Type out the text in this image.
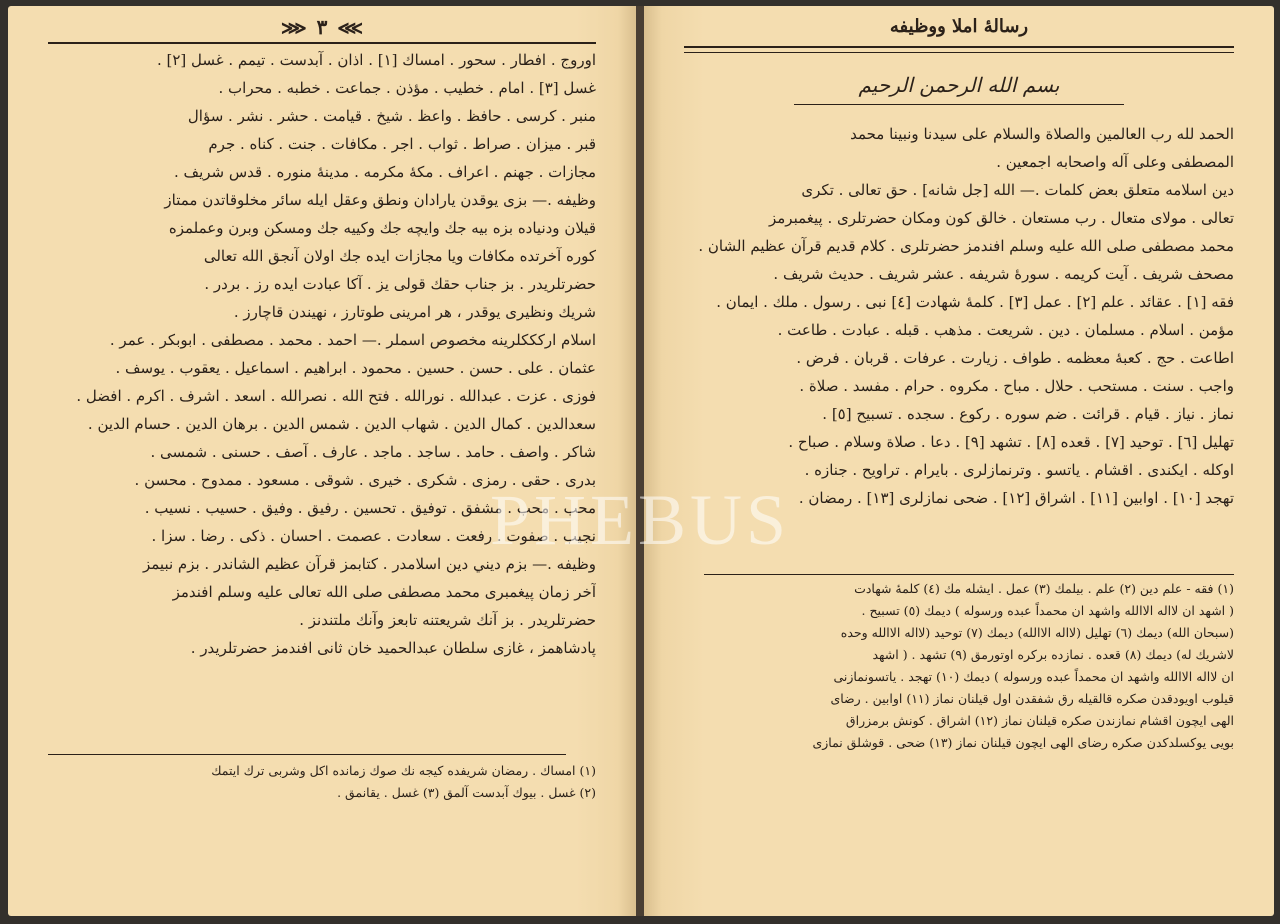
⋙٣⋘
اوروج . افطار . سحور . امساك [١] . اذان . آبدست . تيمم . غسل [٢] .
غسل [٣] . امام . خطيب . مؤذن . جماعت . خطبه . محراب .
منبر . كرسى . حافظ . واعظ . شيخ . قيامت . حشر . نشر . سؤال
قبر . ميزان . صراط . ثواب . اجر . مكافات . جنت . كناه . جرم
مجازات . جهنم . اعراف . مكهٔ مكرمه . مدينهٔ منوره . قدس شريف .
وظيفه .— بزى يوقدن يارادان ونطق وعقل ايله سائر مخلوقاتدن ممتاز
قيلان ودنياده بزه بيه جك وايچه جك وكييه جك ومسكن وبرن وعملمزه
كوره آخرتده مكافات ويا مجازات ايده جك اولان آنجق الله تعالى
حضرتلريدر . بز جناب حقك قولى يز . آكا عبادت ايده رز . بردر .
شريك ونظيرى يوقدر ، هر امرينى طوتارز ، نهيندن قاچارز .
اسلام اركككلرينه مخصوص اسملر .— احمد . محمد . مصطفى . ابوبكر . عمر .
عثمان . على . حسن . حسين . محمود . ابراهيم . اسماعيل . يعقوب . يوسف .
فوزى . عزت . عبدالله . نورالله . فتح الله . نصرالله . اسعد . اشرف . اكرم . افضل .
سعدالدين . كمال الدين . شهاب الدين . شمس الدين . برهان الدين . حسام الدين .
شاكر . واصف . حامد . ساجد . ماجد . عارف . آصف . حسنى . شمسى .
بدرى . حقى . رمزى . شكرى . خيرى . شوقى . مسعود . ممدوح . محسن .
محب . محب . مشفق . توفيق . تحسين . رفيق . وفيق . حسيب . نسيب .
نجيب . صفوت . رفعت . سعادت . عصمت . احسان . ذكى . رضا . سزا .
وظيفه .— بزم ديني دين اسلامدر . كتابمز قرآن عظيم الشاندر . بزم نبيمز
آخر زمان پيغمبرى محمد مصطفى صلى الله تعالى عليه وسلم افندمز
حضرتلريدر . بز آنك شريعتنه تابعز وآنك ملتندنز .
پادشاهمز ، غازى سلطان عبدالحميد خان ثانى افندمز حضرتلريدر .
(١) امساك . رمضان شريفده كيجه نك صوك زمانده اكل وشربى ترك ايتمك
(٢) غسل . بيوك آبدست آلمق (٣) غسل . يقانمق .
رسالهٔ املا ووظيفه
بسم الله الرحمن الرحيم
الحمد لله رب العالمين والصلاة والسلام على سيدنا ونبينا محمد
المصطفى وعلى آله واصحابه اجمعين .
دين اسلامه متعلق بعض كلمات .— الله [جل شانه] . حق تعالى . تكرى
تعالى . مولاى متعال . رب مستعان . خالق كون ومكان حضرتلرى . پيغمبرمز
محمد مصطفى صلى الله عليه وسلم افندمز حضرتلرى . كلام قديم قرآن عظيم الشان .
مصحف شريف . آيت كريمه . سورهٔ شريفه . عشر شريف . حديث شريف .
فقه [١] . عقائد . علم [٢] . عمل [٣] . كلمهٔ شهادت [٤] نبى . رسول . ملك . ايمان .
مؤمن . اسلام . مسلمان . دين . شريعت . مذهب . قبله . عبادت . طاعت .
اطاعت . حج . كعبهٔ معظمه . طواف . زيارت . عرفات . قربان . فرض .
واجب . سنت . مستحب . حلال . مباح . مكروه . حرام . مفسد . صلاة .
نماز . نياز . قيام . قرائت . ضم سوره . ركوع . سجده . تسبيح [٥] .
تهليل [٦] . توحيد [٧] . قعده [٨] . تشهد [٩] . دعا . صلاة وسلام . صباح .
اوكله . ايكندى . اقشام . ياتسو . وترنمازلرى . بايرام . تراويح . جنازه .
تهجد [١٠] . اوابين [١١] . اشراق [١٢] . ضحى نمازلرى [١٣] . رمضان .
(١) فقه - علم دين (٢) علم . بيلمك (٣) عمل . ايشله مك (٤) كلمهٔ شهادت
( اشهد ان لااله الاالله واشهد ان محمداً عبده ورسوله ) ديمك (٥) تسبيح .
(سبحان الله) ديمك (٦) تهليل (لااله الاالله) ديمك (٧) توحيد (لااله الاالله وحده
لاشريك له) ديمك (٨) قعده . نمازده بركره اوتورمق (٩) تشهد . ( اشهد
ان لااله الاالله واشهد ان محمداً عبده ورسوله ) ديمك (١٠) تهجد . ياتسونمازنى
قيلوب اويودقدن صكره قالقيله رق شفقدن اول قيلنان نماز (١١) اوابين . رضاى
الهى ايچون اقشام نمازندن صكره قيلنان نماز (١٢) اشراق . كونش برمزراق
بويى يوكسلدكدن صكره رضاى الهى ايچون قيلنان نماز (١٣) ضحى . قوشلق نمازى
PHEBUS
